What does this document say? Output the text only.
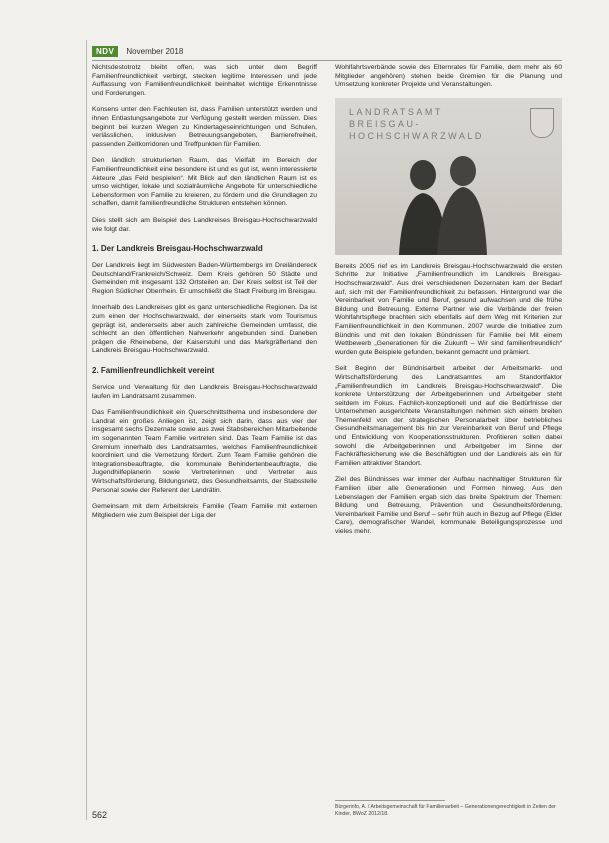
NDV	November 2018

Nichtsdestotrotz bleibt offen, was sich unter dem Begriff Familienfreundlichkeit verbirgt, stecken legitime Interessen und jede Auffassung von Familienfreundlichkeit beinhaltet wichtige Erkenntnisse und Forderungen.

Konsens unter den Fachleuten ist, dass Familien unterstützt werden und ihnen Entlastungsangebote zur Verfügung gestellt werden müssen. Dies beginnt bei kurzen Wegen zu Kindertageseinrichtungen und Schulen, verlässlichen, inklusiven Betreuungsangeboten, Barrierefreiheit, passenden Zeitkorridoren und Treffpunkten für Familien.

Den ländlich strukturierten Raum, das Vielfalt im Bereich der Familienfreundlichkeit eine besondere ist und es gut ist, wenn interessierte Akteure „das Feld bespielen“. Mit Blick auf den ländlichen Raum ist es umso wichtiger, lokale und sozialräumliche Angebote für unterschiedliche Lebensformen von Familie zu kreieren, zu fördern und die Grundlagen zu schaffen, damit familienfreundliche Strukturen entstehen können.

Dies stellt sich am Beispiel des Landkreises Breisgau-Hochschwarzwald wie folgt dar.

1. Der Landkreis Breisgau-Hochschwarzwald

Der Landkreis liegt im Südwesten Baden-Württembergs im Dreiländereck Deutschland/Frankreich/Schweiz. Dem Kreis gehören 50 Städte und Gemeinden mit insgesamt 132 Ortsteilen an. Der Kreis selbst ist Teil der Region Südlicher Oberrhein. Er umschließt die Stadt Freiburg im Breisgau.

Innerhalb des Landkreises gibt es ganz unterschiedliche Regionen. Da ist zum einen der Hochschwarzwald, der einerseits stark vom Tourismus geprägt ist, andererseits aber auch zahlreiche Gemeinden umfasst, die schlecht an den öffentlichen Nahverkehr angebunden sind. Daneben prägen die Rheinebene, der Kaiserstuhl und das Markgräflerland den Landkreis Breisgau-Hochschwarzwald.

2. Familienfreundlichkeit vereint

Service und Verwaltung für den Landkreis Breisgau-Hochschwarzwald laufen im Landratsamt zusammen.

Das Familienfreundlichkeit ein Querschnittsthema und insbesondere der Landrat ein großes Anliegen ist, zeigt sich darin, dass aus vier der insgesamt sechs Dezernate sowie aus zwei Stabsbereichen Mitarbeitende im sogenannten Team Familie vertreten sind. Das Team Familie ist das Gremium innerhalb des Landratsamtes, welches Familienfreundlichkeit koordiniert und die Vernetzung fördert. Zum Team Familie gehören die Integrationsbeauftragte, die kommunale Behindertenbeauftragte, die Jugendhilfeplanerin sowie Vertreterinnen und Vertreter aus Wirtschaftsförderung, Bildungsnetz, des Gesundheitsamts, der Stabsstelle Personal sowie der Referent der Landrätin.

Gemeinsam mit dem Arbeitskreis Familie (Team Familie mit externen Mitgliedern wie zum Beispiel der Liga der

Wohlfahrtsverbände sowie des Elternrates für Familie, dem mehr als 60 Mitglieder angehören) stehen beide Gremien für die Planung und Umsetzung konkreter Projekte und Veranstaltungen.

LANDRATSAMT
BREISGAU-
HOCHSCHWARZWALD

Bereits 2005 rief es im Landkreis Breisgau-Hochschwarzwald die ersten Schritte zur Initiative „Familienfreundlich im Landkreis Breisgau-Hochschwarzwald“. Aus drei verschiedenen Dezernaten kam der Bedarf auf, sich mit der Familienfreundlichkeit zu befassen. Hintergrund war die Vereinbarkeit von Familie und Beruf, gesund aufwachsen und die frühe Bildung und Betreuung. Externe Partner wie die Verbände der freien Wohlfahrtspflege brachten sich ebenfalls auf dem Weg mit Kriterien zur Familienfreundlichkeit in den Kommunen. 2007 wurde die Initiative zum Bündnis und mit den lokalen Bündnissen für Familie bei Mit einem Wettbewerb „Generationen für die Zukunft – Wir sind familienfreundlich“ wurden gute Beispiele gefunden, bekannt gemacht und prämiert.

Seit Beginn der Bündnisarbeit arbeitet der Arbeitsmarkt- und Wirtschaftsförderung des Landratsamtes am Standortfaktor „Familienfreundlich im Landkreis Breisgau-Hochschwarzwald“. Die konkrete Unterstützung der Arbeitgeberinnen und Arbeitgeber steht seitdem im Fokus. Fachlich-konzeptionell und auf die Bedürfnisse der Unternehmen ausgerichtete Veranstaltungen nehmen sich einem breiten Themenfeld von der strategischen Personalarbeit über betriebliches Gesundheitsmanagement bis hin zur Vereinbarkeit von Beruf und Pflege und Entwicklung von Kooperationsstrukturen. Profitieren sollen dabei sowohl die Arbeitgeberinnen und Arbeitgeber im Sinne der Fachkräftesicherung wie die Beschäftigten und der Landkreis als ein für Familien attraktiver Standort.

Ziel des Bündnisses war immer der Aufbau nachhaltiger Strukturen für Familien über alle Generationen und Formen hinweg. Aus den Lebenslagen der Familien ergab sich das breite Spektrum der Themen: Bildung und Betreuung, Prävention und Gesundheitsförderung, Vereinbarkeit Familie und Beruf – sehr früh auch in Bezug auf Pflege (Elder Care), demografischer Wandel, kommunale Beteiligungsprozesse und vieles mehr.

Bürgerinfo, A. / Arbeitsgemeinschaft für Familienarbeit – Generationengerechtigkeit in Zeiten der Kinder, BWoZ 2012/18.
562
